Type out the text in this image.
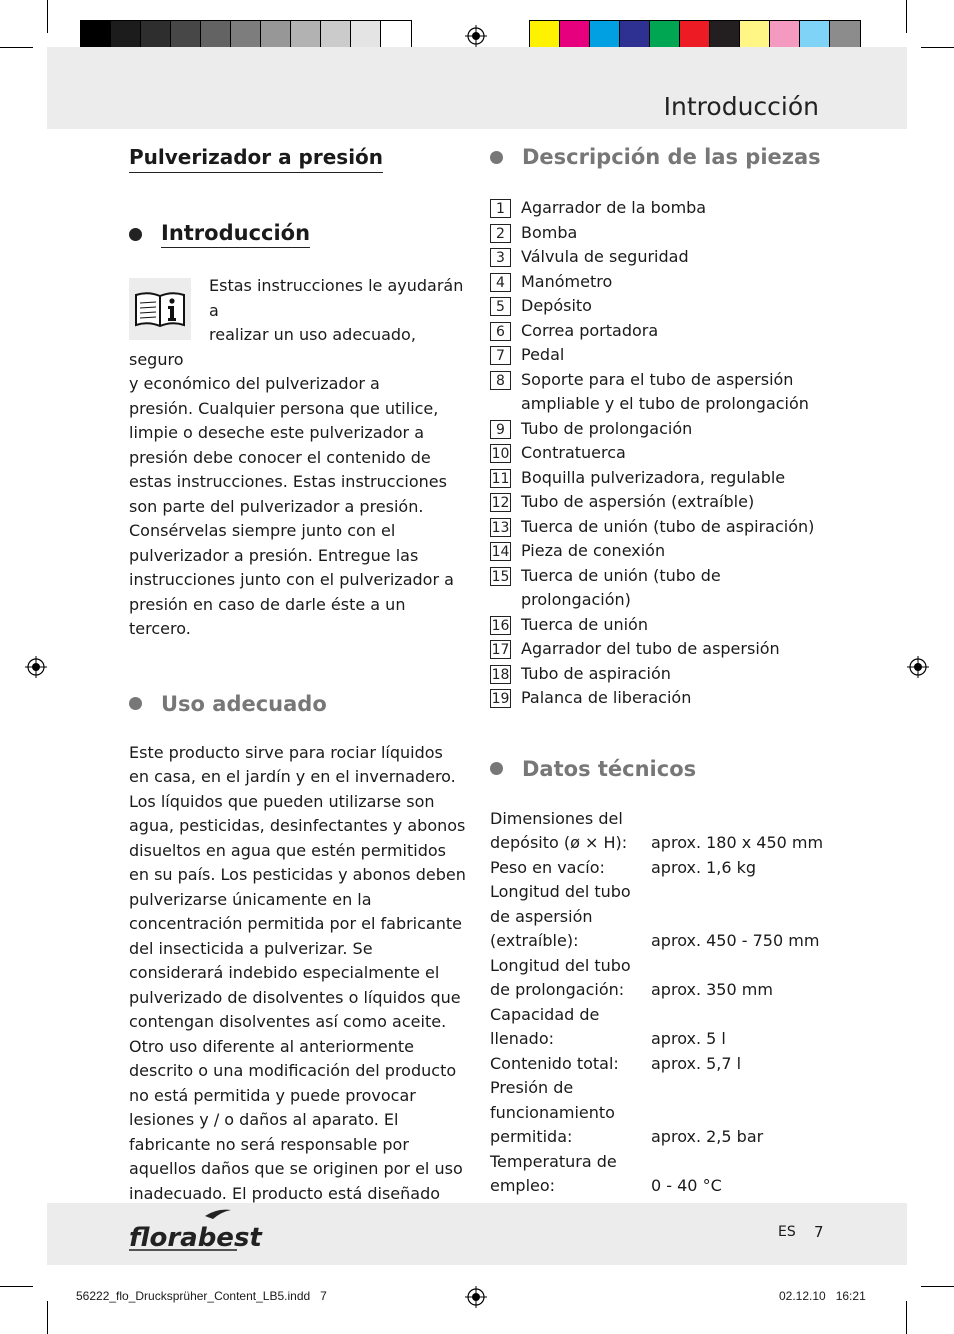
Introducción
Pulverizador a presión
Introducción

Estas instrucciones le ayudarán a
realizar un uso adecuado, seguro
y económico del pulverizador a

presión. Cualquier persona que utilice, limpie o deseche este pulverizador a presión debe conocer el contenido de estas instrucciones. Estas instrucciones son parte del pulverizador a presión. Consérvelas siempre junto con el pulverizador a presión. Entregue las instrucciones junto con el pulverizador a presión en caso de darle éste a un tercero.

Uso adecuado

Este producto sirve para rociar líquidos en casa, en el jardín y en el invernadero. Los líquidos que pueden utilizarse son agua, pesticidas, desinfectantes y abonos disueltos en agua que estén permitidos en su país. Los pesticidas y abonos deben pulverizarse únicamente en la concentración permitida por el fabricante del insecticida a pulverizar. Se considerará indebido especialmente el pulverizado de disolventes o líquidos que contengan disolventes así como aceite. Otro uso diferente al anteriormente descrito o una modificación del producto no está permitida y puede provocar lesiones y / o daños al aparato. El fabricante no será responsable por aquellos daños que se originen por el uso inadecuado. El producto está diseñado

Descripción de las piezas
1	Agarrador de la bomba
2	Bomba
3	Válvula de seguridad
4	Manómetro
5	Depósito
6	Correa portadora
7	Pedal
8	Soporte para el tubo de aspersión ampliable y el tubo de prolongación
9	Tubo de prolongación
10 Contratuerca
11 Boquilla pulverizadora, regulable
12 Tubo de aspersión (extraíble)
13 Tuerca de unión (tubo de aspiración)
14 Pieza de conexión
15 Tuerca de unión (tubo de prolongación)
16 Tuerca de unión
17 Agarrador del tubo de aspersión
18 Tubo de aspiración
19 Palanca de liberación
Datos técnicos
Dimensiones del depósito (ø × H):	aprox. 180 x 450 mm
Peso en vacío:	aprox. 1,6 kg
Longitud del tubo de aspersión (extraíble):	aprox. 450 - 750 mm
Longitud del tubo de prolongación:	aprox. 350 mm
Capacidad de llenado:	aprox. 5 l
Contenido total:	aprox. 5,7 l
Presión de funcionamiento permitida:	aprox. 2,5 bar
Temperatura de empleo:	0 - 40 °C
florabest	ES 7
56222_flo_Drucksprüher_Content_LB5.indd   7	02.12.10   16:21
